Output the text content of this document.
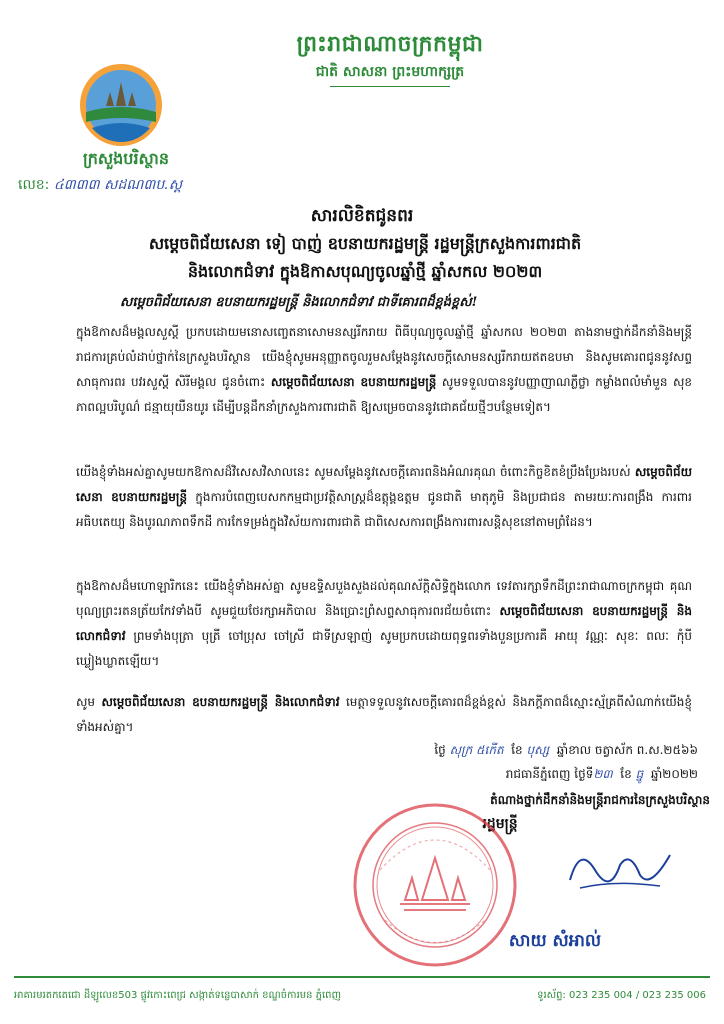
ព្រះរាជាណាចក្រកម្ពុជា
ជាតិ សាសនា ព្រះមហាក្សត្រ
ក្រសួងបរិស្ថាន
លេខ: ៤៣៣៣ សដណ៣ប.ស្ត
សារលិខិតជូនពរ
សម្តេចពិជ័យសេនា ទៀ បាញ់ ឧបនាយករដ្ឋមន្ត្រី រដ្ឋមន្ត្រីក្រសួងការពារជាតិ
និងលោកជំទាវ ក្នុងឱកាសបុណ្យចូលឆ្នាំថ្មី ឆ្នាំសកល ២០២៣
សម្តេចពិជ័យសេនា ឧបនាយករដ្ឋមន្ត្រី និងលោកជំទាវ ជាទីគោរពដ៏ខ្ពង់ខ្ពស់!
ក្នុងឱកាសដ៏មង្គលសួស្តី ប្រកបដោយមនោសញ្ចេតនាសោមនស្សរីករាយ ពិធីបុណ្យចូលឆ្នាំថ្មី ឆ្នាំសកល ២០២៣ តាងនាមថ្នាក់ដឹកនាំនិងមន្ត្រីរាជការគ្រប់លំដាប់ថ្នាក់នៃក្រសួងបរិស្ថាន យើងខ្ញុំសូមអនុញ្ញាតចូលរួមសម្តែងនូវសេចក្តីសោមនស្សរីករាយឥតឧបមា និងសូមគោរពជូននូវសព្ទសាធុការពរ បវរសួស្តី សិរីមង្គល ជូនចំពោះ សម្តេចពិជ័យសេនា ឧបនាយករដ្ឋមន្ត្រី សូមទទួលបាននូវបញ្ញាញាណភ្លឺថ្លា កម្លាំងពលំមាំមួន សុខភាពល្អបរិបូណ៌ ជន្មាយុយឺនយូរ ដើម្បីបន្តដឹកនាំក្រសួងការពារជាតិ ឱ្យសម្រេចបាននូវជោគជ័យថ្មីៗបន្ថែមទៀត។
យើងខ្ញុំទាំងអស់គ្នាសូមយកឱកាសដ៏វិសេសវិសាលនេះ សូមសម្តែងនូវសេចក្តីគោរពនិងអំណរគុណ ចំពោះកិច្ចខិតខំប្រឹងប្រែងរបស់ សម្តេចពិជ័យសេនា ឧបនាយករដ្ឋមន្ត្រី ក្នុងការបំពេញបេសកកម្មជាប្រវត្តិសាស្ត្រដ៏ឧត្តុង្គឧត្តម ជូនជាតិ មាតុភូមិ និងប្រជាជន តាមរយៈការពង្រឹង ការពារអធិបតេយ្យ និងបូរណភាពទឹកដី ការកែទម្រង់ក្នុងវិស័យការពារជាតិ ជាពិសេសការពង្រឹងការពារសន្តិសុខនៅតាមព្រំដែន។
ក្នុងឱកាសដ៏មហោឡារិកនេះ យើងខ្ញុំទាំងអស់គ្នា សូមឧទ្ទិសបួងសួងដល់គុណស័ក្តិសិទ្ធិក្នុងលោក ទេវតារក្សាទឹកដីព្រះរាជាណាចក្រកម្ពុជា គុណបុណ្យព្រះរតនត្រ័យកែវទាំងបី សូមជួយថែរក្សាអភិបាល និងប្រោះព្រំសព្ទសាធុការពរជ័យចំពោះ សម្តេចពិជ័យសេនា ឧបនាយករដ្ឋមន្ត្រី និងលោកជំទាវ ព្រមទាំងបុត្រា បុត្រី ចៅប្រុស ចៅស្រី ជាទីស្រឡាញ់ សូមប្រកបដោយពុទ្ធពរទាំងបួនប្រការគឺ អាយុ វណ្ណៈ សុខៈ ពលៈ កុំបីឃ្លៀងឃ្លាតឡើយ។
សូម សម្តេចពិជ័យសេនា ឧបនាយករដ្ឋមន្ត្រី និងលោកជំទាវ មេត្តាទទួលនូវសេចក្តីគោរពដ៏ខ្ពង់ខ្ពស់ និងភក្តីភាពដ៏ស្មោះស្ម័គ្រពីសំណាក់យើងខ្ញុំទាំងអស់គ្នា។
ថ្ងៃ សុក្រ ៥កើត ខែ បុស្ស ឆ្នាំខាល ចត្វាស័ក ព.ស.២៥៦៦
រាជធានីភ្នំពេញ ថ្ងៃទី២៣ ខែ ធ្នូ ឆ្នាំ២០២២
តំណាងថ្នាក់ដឹកនាំនិងមន្ត្រីរាជការនៃក្រសួងបរិស្ថាន
រដ្ឋមន្ត្រី
សាយ សំអាល់
អាគារមរតកតេជោ ដីឡូលេខ503 ផ្លូវកោះពេជ្រ សង្កាត់ទន្លេបាសាក់ ខណ្ឌចំការមន ភ្នំពេញ	ទូរស័ព្ទ: 023 235 004 / 023 235 006
